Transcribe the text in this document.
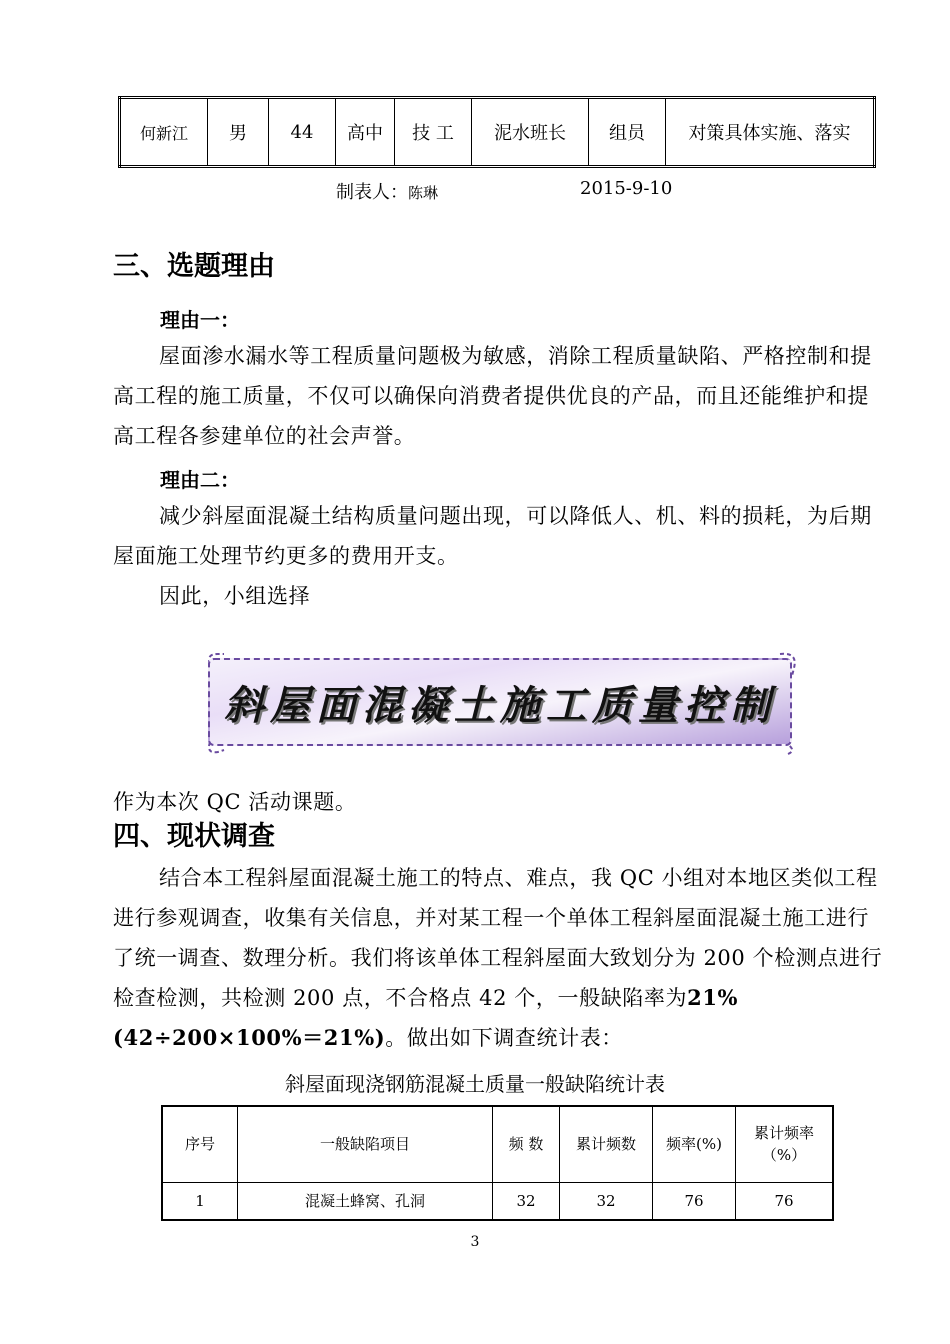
何新江	男	44	高中	技 工	泥水班长	组员	对策具体实施、落实
制表人：陈琳	2015-9-10
三、选题理由
理由一：
屋面渗水漏水等工程质量问题极为敏感，消除工程质量缺陷、严格控制和提高工程的施工质量，不仅可以确保向消费者提供优良的产品，而且还能维护和提高工程各参建单位的社会声誉。
理由二：
减少斜屋面混凝土结构质量问题出现，可以降低人、机、料的损耗，为后期屋面施工处理节约更多的费用开支。
因此，小组选择
斜屋面混凝土施工质量控制
作为本次 QC 活动课题。
四、现状调查
结合本工程斜屋面混凝土施工的特点、难点，我 QC 小组对本地区类似工程进行参观调查，收集有关信息，并对某工程一个单体工程斜屋面混凝土施工进行了统一调查、数理分析。我们将该单体工程斜屋面大致划分为 200 个检测点进行检查检测，共检测 200 点，不合格点 42 个，一般缺陷率为21%(42÷200×100%＝21%)。做出如下调查统计表：
斜屋面现浇钢筋混凝土质量一般缺陷统计表
序号	一般缺陷项目	频 数	累计频数	频率(%)	累计频率（%）
1	混凝土蜂窝、孔洞	32	32	76	76
3
